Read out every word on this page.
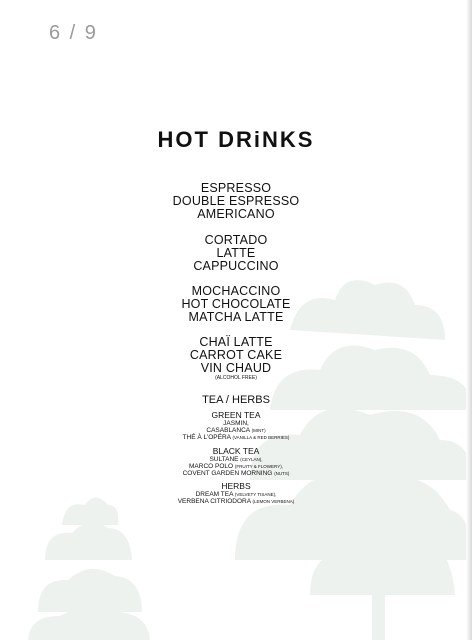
6 / 9
HOT DRiNKS
ESPRESSO
DOUBLE ESPRESSO
AMERICANO
CORTADO
LATTE
CAPPUCCINO
MOCHACCINO
HOT CHOCOLATE
MATCHA LATTE
CHAÏ LATTE
CARROT CAKE
VIN CHAUD
(ALCOHOL FREE)
TEA / HERBS
GREEN TEA
JASMIN,
CASABLANCA (MINT)
THÉ À L’OPÉRA (VANILLA & RED BERRIES)
BLACK TEA
SULTANE (CEYLAN),
MARCO POLO (FRUITY & FLOWERY),
COVENT GARDEN MORNING (NUTS)
HERBS
DREAM TEA (VELVETY TISANE),
VERBENA CITRIODORA (LEMON VERBENA)
